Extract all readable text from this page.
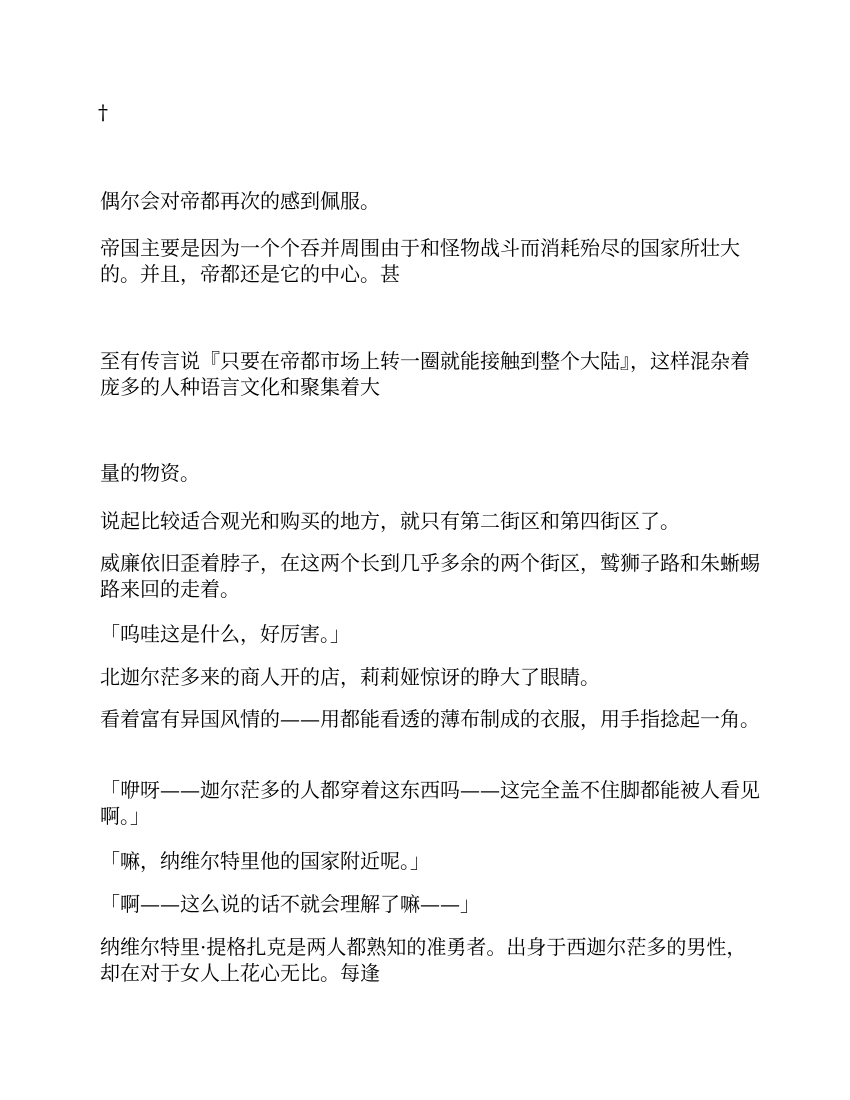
†

偶尔会对帝都再次的感到佩服。

帝国主要是因为一个个吞并周围由于和怪物战斗而消耗殆尽的国家所壮大的。并且，帝都还是它的中心。甚

至有传言说『只要在帝都市场上转一圈就能接触到整个大陆』，这样混杂着庞多的人种语言文化和聚集着大

量的物资。

说起比较适合观光和购买的地方，就只有第二街区和第四街区了。

威廉依旧歪着脖子，在这两个长到几乎多余的两个街区，鹫狮子路和朱蜥蜴路来回的走着。

「呜哇这是什么，好厉害。」

北迦尔茫多来的商人开的店，莉莉娅惊讶的睁大了眼睛。

看着富有异国风情的——用都能看透的薄布制成的衣服，用手指捻起一角。

「咿呀——迦尔茫多的人都穿着这东西吗——这完全盖不住脚都能被人看见啊。」

「嘛，纳维尔特里他的国家附近呢。」

「啊——这么说的话不就会理解了嘛——」

纳维尔特里·提格扎克是两人都熟知的准勇者。出身于西迦尔茫多的男性，却在对于女人上花心无比。每逢
